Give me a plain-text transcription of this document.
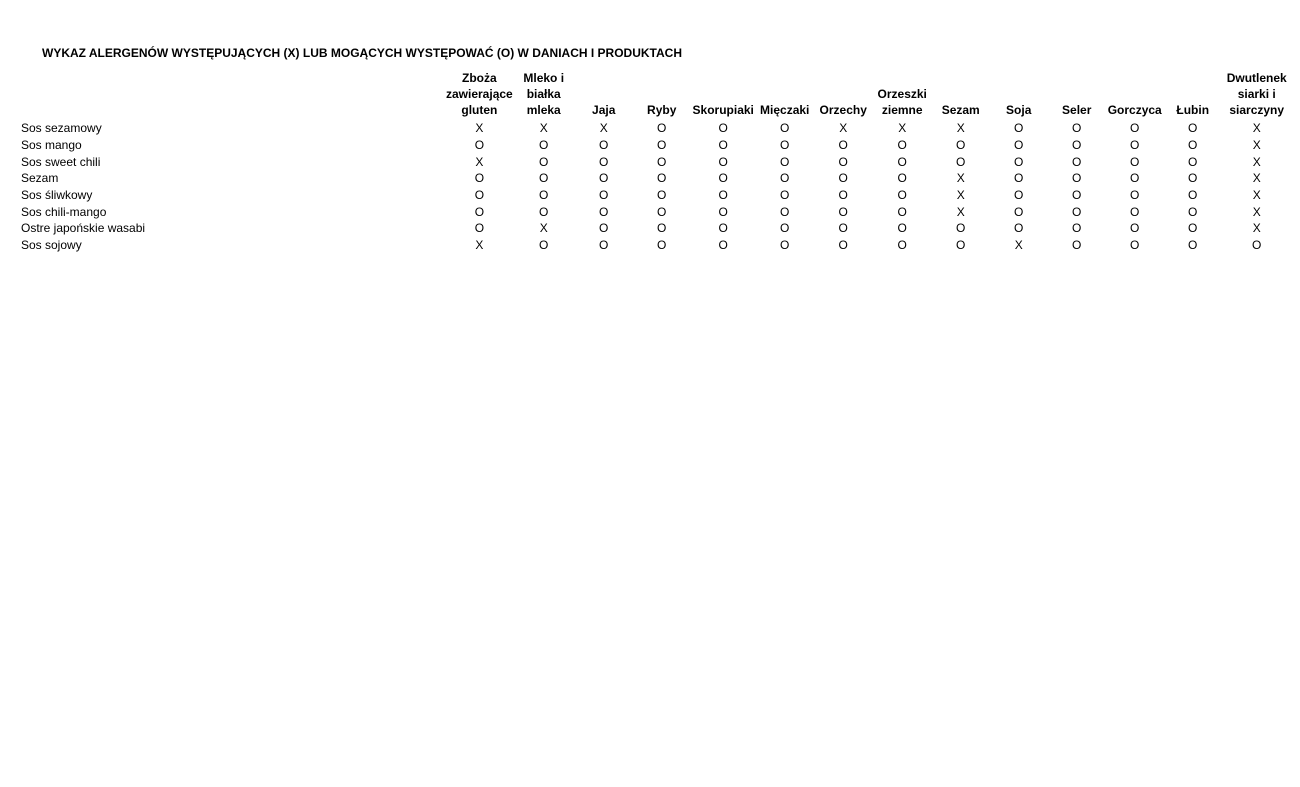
WYKAZ ALERGENÓW WYSTĘPUJĄCYCH (X) LUB MOGĄCYCH WYSTĘPOWAĆ (O) W DANIACH I PRODUKTACH
	Zboża zawierające gluten	Mleko i białka mleka	Jaja	Ryby	Skorupiaki	Mięczaki	Orzechy	Orzeszki ziemne	Sezam	Soja	Seler	Gorczyca	Łubin	Dwutlenek siarki i siarczyny
Sos sezamowy	X	X	X	O	O	O	X	X	X	O	O	O	O	X
Sos mango	O	O	O	O	O	O	O	O	O	O	O	O	O	X
Sos sweet chili	X	O	O	O	O	O	O	O	O	O	O	O	O	X
Sezam	O	O	O	O	O	O	O	O	X	O	O	O	O	X
Sos śliwkowy	O	O	O	O	O	O	O	O	X	O	O	O	O	X
Sos chili-mango	O	O	O	O	O	O	O	O	X	O	O	O	O	X
Ostre japońskie wasabi	O	X	O	O	O	O	O	O	O	O	O	O	O	X
Sos sojowy	X	O	O	O	O	O	O	O	O	X	O	O	O	O
